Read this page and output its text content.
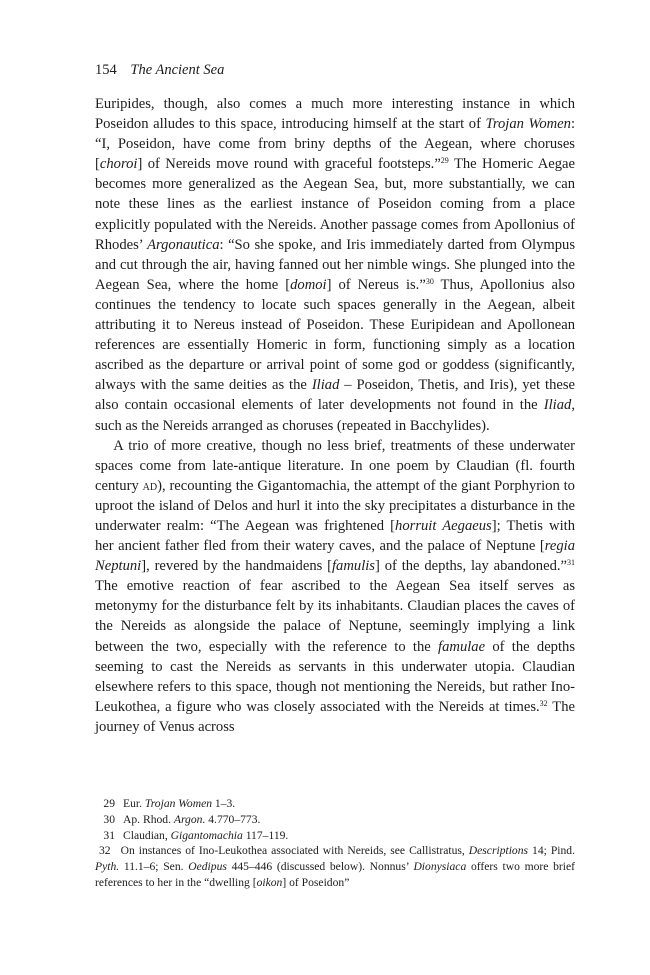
154 The Ancient Sea

Euripides, though, also comes a much more interesting instance in which Poseidon alludes to this space, introducing himself at the start of Trojan Women: “I, Poseidon, have come from briny depths of the Aegean, where choruses [choroi] of Nereids move round with graceful footsteps.”$^{29}$ The Homeric Aegae becomes more generalized as the Aegean Sea, but, more substantially, we can note these lines as the earliest instance of Poseidon coming from a place explicitly populated with the Nereids. Another passage comes from Apollonius of Rhodes’ Argonautica: “So she spoke, and Iris immediately darted from Olympus and cut through the air, having fanned out her nimble wings. She plunged into the Aegean Sea, where the home [domoi] of Nereus is.”$^{30}$ Thus, Apollonius also continues the tendency to locate such spaces generally in the Aegean, albeit attributing it to Nereus instead of Poseidon. These Euripidean and Apollonean references are essentially Homeric in form, functioning simply as a location ascribed as the departure or arrival point of some god or goddess (significantly, always with the same deities as the Iliad – Poseidon, Thetis, and Iris), yet these also contain occasional elements of later developments not found in the Iliad, such as the Nereids arranged as choruses (repeated in Bacchylides).

A trio of more creative, though no less brief, treatments of these underwater spaces come from late-antique literature. In one poem by Claudian (fl. fourth century ad), recounting the Gigantomachia, the attempt of the giant Porphyrion to uproot the island of Delos and hurl it into the sky precipitates a disturbance in the underwater realm: “The Aegean was frightened [horruit Aegaeus]; Thetis with her ancient father fled from their watery caves, and the palace of Neptune [regia Neptuni], revered by the handmaidens [famulis] of the depths, lay abandoned.”$^{31}$ The emotive reaction of fear ascribed to the Aegean Sea itself serves as metonymy for the disturbance felt by its inhabitants. Claudian places the caves of the Nereids as alongside the palace of Neptune, seemingly implying a link between the two, especially with the reference to the famulae of the depths seeming to cast the Nereids as servants in this underwater utopia. Claudian elsewhere refers to this space, though not mentioning the Nereids, but rather Ino-Leukothea, a figure who was closely associated with the Nereids at times.$^{32}$ The journey of Venus across

29 Eur. Trojan Women 1–3.
30 Ap. Rhod. Argon. 4.770–773.
31 Claudian, Gigantomachia 117–119.
32 On instances of Ino-Leukothea associated with Nereids, see Callistratus, Descriptions 14; Pind. Pyth. 11.1–6; Sen. Oedipus 445–446 (discussed below). Nonnus’ Dionysiaca offers two more brief references to her in the “dwelling [oikon] of Poseidon”
